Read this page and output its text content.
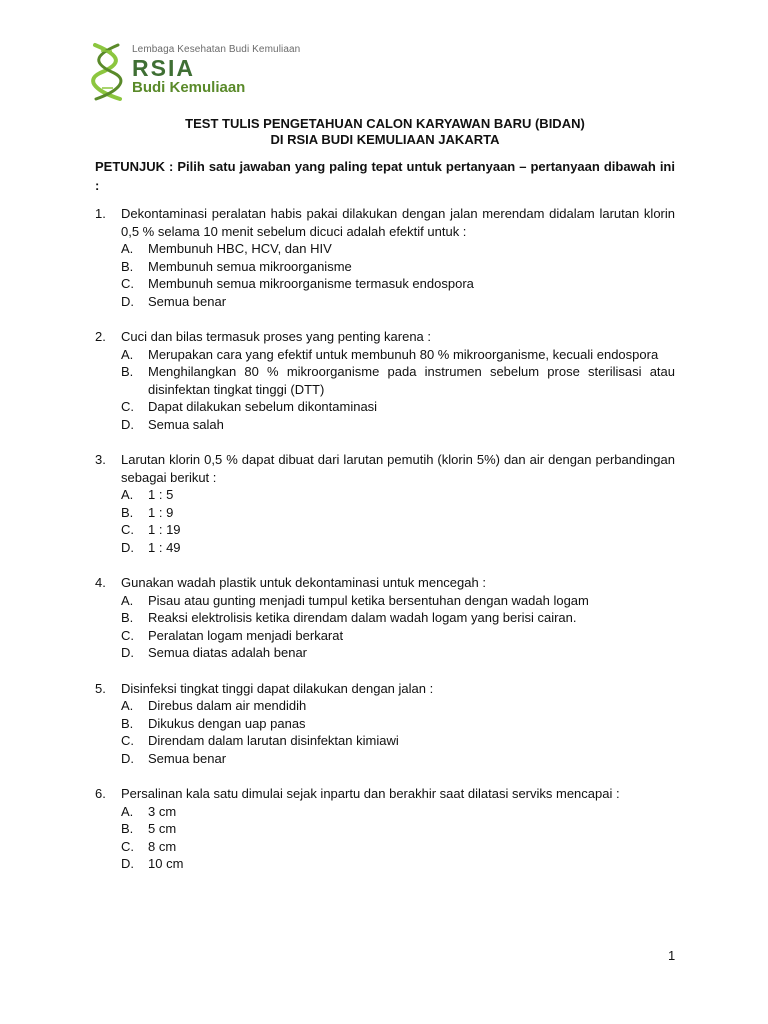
Lembaga Kesehatan Budi Kemuliaan
RSIA
Budi Kemuliaan
TEST TULIS PENGETAHUAN CALON KARYAWAN BARU (BIDAN)
DI RSIA BUDI KEMULIAAN JAKARTA
PETUNJUK : Pilih satu jawaban yang paling tepat untuk pertanyaan – pertanyaan dibawah ini :
1.	Dekontaminasi peralatan habis pakai dilakukan dengan jalan merendam didalam larutan klorin 0,5 % selama 10 menit sebelum dicuci adalah efektif untuk :
A.	Membunuh HBC, HCV, dan HIV
B.	Membunuh semua mikroorganisme
C.	Membunuh semua mikroorganisme termasuk endospora
D.	Semua benar
2.	Cuci dan bilas termasuk proses yang penting karena :
A.	Merupakan cara yang efektif untuk membunuh 80 % mikroorganisme, kecuali endospora
B.	Menghilangkan 80 % mikroorganisme pada instrumen sebelum prose sterilisasi atau disinfektan tingkat tinggi (DTT)
C.	Dapat dilakukan sebelum dikontaminasi
D.	Semua salah
3.	Larutan klorin 0,5 % dapat dibuat dari larutan pemutih (klorin 5%) dan air dengan perbandingan sebagai berikut :
A.	1 : 5
B.	1 : 9
C.	1 : 19
D.	1 : 49
4.	Gunakan wadah plastik untuk dekontaminasi untuk mencegah :
A.	Pisau atau gunting menjadi tumpul ketika bersentuhan dengan wadah logam
B.	Reaksi elektrolisis ketika direndam dalam wadah logam yang berisi cairan.
C.	Peralatan logam menjadi berkarat
D.	Semua diatas adalah benar
5.	Disinfeksi tingkat tinggi dapat dilakukan dengan jalan :
A.	Direbus dalam air mendidih
B.	Dikukus dengan uap panas
C.	Direndam dalam larutan disinfektan kimiawi
D.	Semua benar
6.	Persalinan kala satu dimulai sejak inpartu dan berakhir saat dilatasi serviks mencapai :
A.	3 cm
B.	5 cm
C.	8 cm
D.	10 cm
1
